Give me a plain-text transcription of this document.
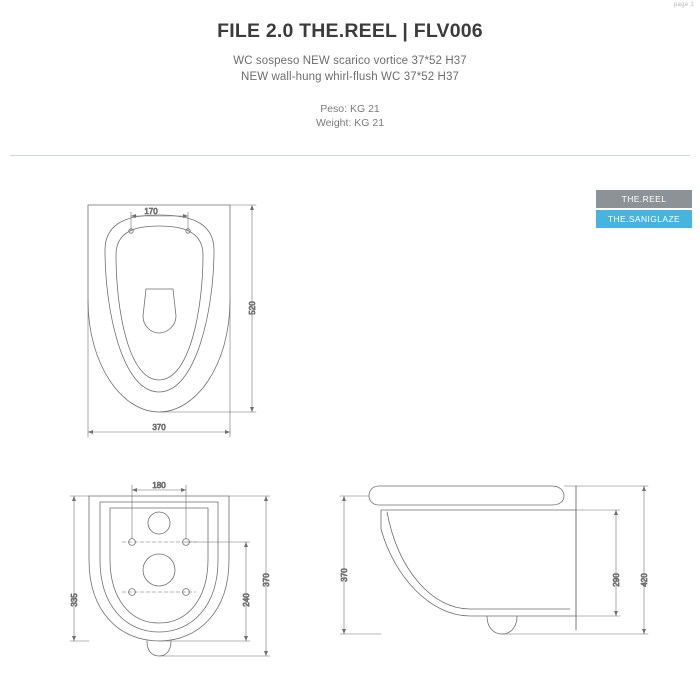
page 1
FILE 2.0 THE.REEL | FLV006
WC sospeso NEW scarico vortice 37*52 H37
NEW wall-hung whirl-flush WC 37*52 H37
Peso: KG 21
Weight: KG 21
THE.REEL
THE.SANIGLAZE
170
520
370
180
335
370
240
370	290 420
